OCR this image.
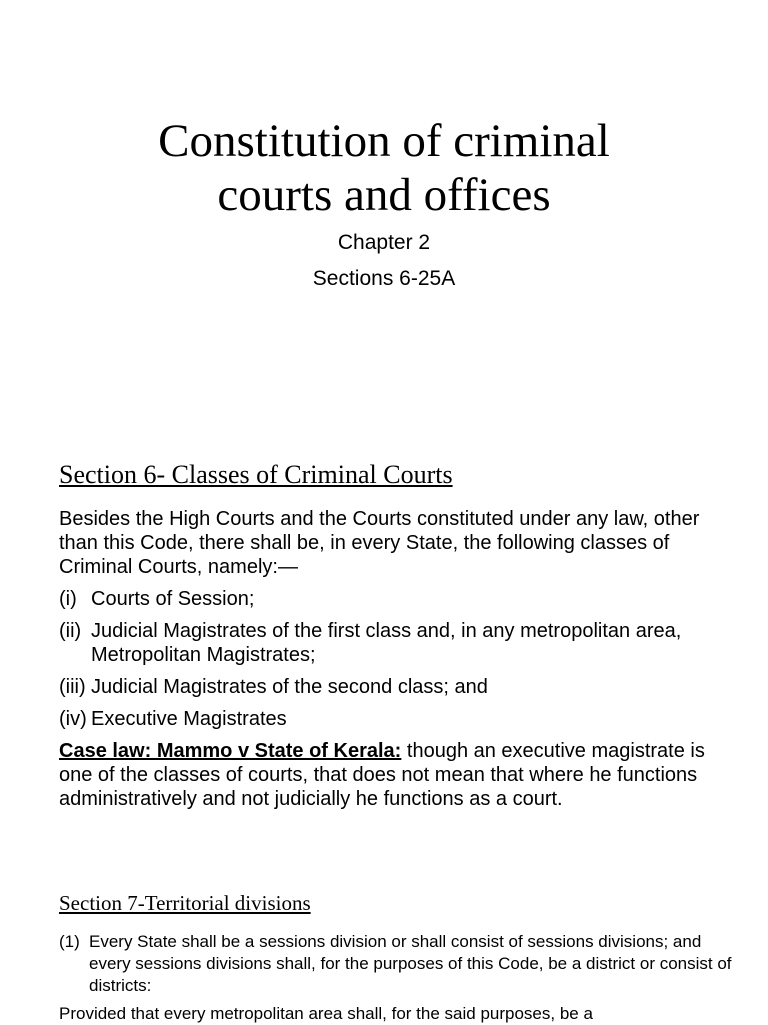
Constitution of criminal
courts and offices
Chapter 2
Sections 6-25A
Section 6- Classes of Criminal Courts

Besides the High Courts and the Courts constituted under any law, other than this Code, there shall be, in every State, the following classes of Criminal Courts, namely:—

(i) Courts of Session;
(ii) Judicial Magistrates of the first class and, in any metropolitan area, Metropolitan Magistrates;
(iii) Judicial Magistrates of the second class; and
(iv) Executive Magistrates

Case law: Mammo v State of Kerala: though an executive magistrate is one of the classes of courts, that does not mean that where he functions administratively and not judicially he functions as a court.

Section 7-Territorial divisions
(1) Every State shall be a sessions division or shall consist of sessions divisions; and every sessions divisions shall, for the purposes of this Code, be a district or consist of districts:

Provided that every metropolitan area shall, for the said purposes, be a
